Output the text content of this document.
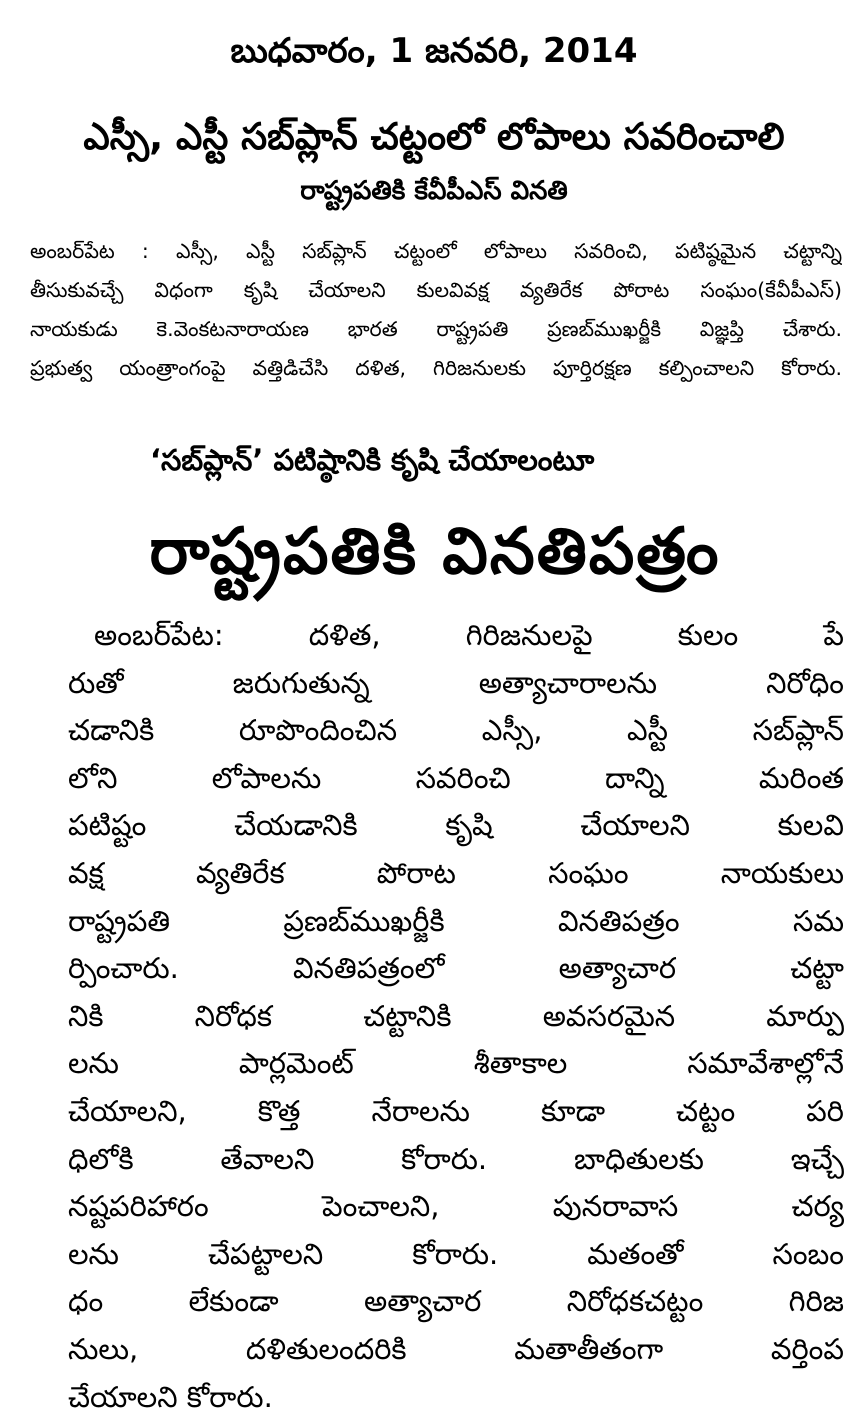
బుధవారం, 1 జనవరి, 2014
ఎస్సీ, ఎస్టీ సబ్‌ప్లాన్ చట్టంలో లోపాలు సవరించాలి
రాష్ట్రపతికి కేవీపీఎస్ వినతి
అంబర్‌పేట : ఎస్సీ, ఎస్టీ సబ్‌ప్లాన్ చట్టంలో లోపాలు సవరించి, పటిష్ఠమైన చట్టాన్ని
తీసుకువచ్చే విధంగా కృషి చేయాలని కులవివక్ష వ్యతిరేక పోరాట సంఘం(కేవీపీఎస్)
నాయకుడు కె.వెంకటనారాయణ భారత రాష్ట్రపతి ప్రణబ్‌ముఖర్జీకి విజ్ఞప్తి చేశారు.
ప్రభుత్వ యంత్రాంగంపై వత్తిడిచేసి దళిత, గిరిజనులకు పూర్తిరక్షణ కల్పించాలని కోరారు.
‘సబ్‌ప్లాన్’ పటిష్ఠానికి కృషి చేయాలంటూ
రాష్ట్రపతికి వినతిపత్రం
అంబర్‌పేట: దళిత, గిరిజనులపై కులం పే
రుతో జరుగుతున్న అత్యాచారాలను నిరోధిం
చడానికి రూపొందించిన ఎస్సీ, ఎస్టీ సబ్‌ప్లాన్
లోని లోపాలను సవరించి దాన్ని మరింత
పటిష్టం చేయడానికి కృషి చేయాలని కులవి
వక్ష వ్యతిరేక పోరాట సంఘం నాయకులు
రాష్ట్రపతి ప్రణబ్‌ముఖర్జీకి వినతిపత్రం సమ
ర్పించారు. వినతిపత్రంలో అత్యాచార చట్టా
నికి నిరోధక చట్టానికి అవసరమైన మార్పు
లను పార్లమెంట్ శీతాకాల సమావేశాల్లోనే
చేయాలని, కొత్త నేరాలను కూడా చట్టం పరి
ధిలోకి తేవాలని కోరారు. బాధితులకు ఇచ్చే
నష్టపరిహారం పెంచాలని, పునరావాస చర్య
లను చేపట్టాలని కోరారు. మతంతో సంబం
ధం లేకుండా అత్యాచార నిరోధకచట్టం గిరిజ
నులు, దళితులందరికి మతాతీతంగా వర్తింప
చేయాలని కోరారు.
